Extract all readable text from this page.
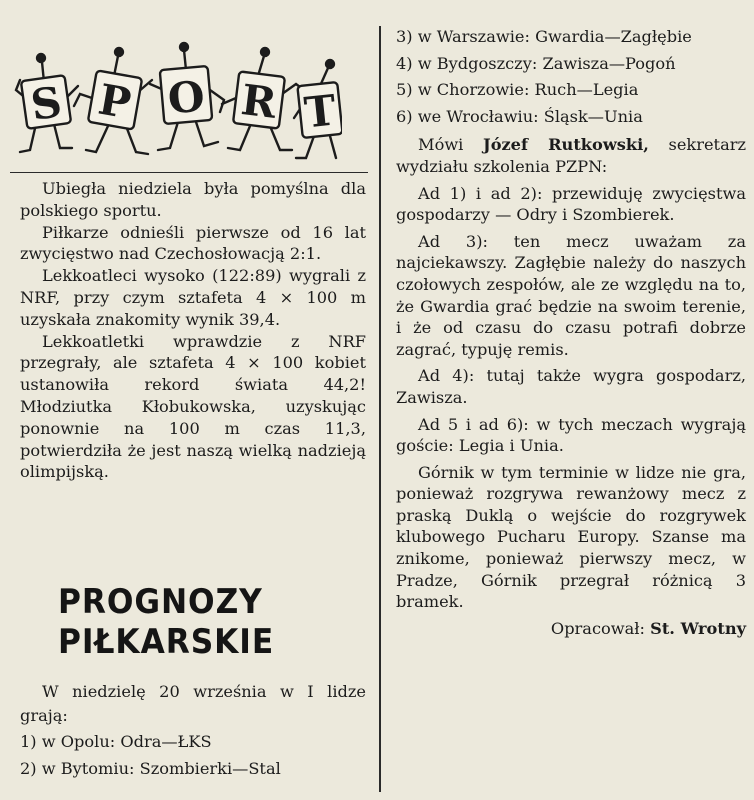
S P O R T

Ubiegła niedziela była pomyślna dla polskiego sportu.

Piłkarze odnieśli pierwsze od 16 lat zwycięstwo nad Czechosłowacją 2:1.

Lekkoatleci wysoko (122:89) wygrali z NRF, przy czym sztafeta 4 × 100 m uzyskała znakomity wynik 39,4.

Lekkoatletki wprawdzie z NRF przegrały, ale sztafeta 4 × 100 kobiet ustanowiła rekord świata 44,2! Młodziutka Kłobukowska, uzyskując ponownie na 100 m czas 11,3, potwierdziła że jest naszą wielką nadzieją olimpijską.

PROGNOZY
PIŁKARSKIE

W niedzielę 20 września w I lidze grają:

1) w Opolu: Odra—ŁKS

2) w Bytomiu: Szombierki—Stal

3) w Warszawie: Gwardia—Zagłębie

4) w Bydgoszczy: Zawisza—Pogoń

5) w Chorzowie: Ruch—Legia

6) we Wrocławiu: Śląsk—Unia

Mówi Józef Rutkowski, sekretarz wydziału szkolenia PZPN:

Ad 1) i ad 2): przewiduję zwycięstwa gospodarzy — Odry i Szombierek.

Ad 3): ten mecz uważam za najciekawszy. Zagłębie należy do naszych czołowych zespołów, ale ze względu na to, że Gwardia grać będzie na swoim terenie, i że od czasu do czasu potrafi dobrze zagrać, typuję remis.

Ad 4): tutaj także wygra gospodarz, Zawisza.

Ad 5 i ad 6): w tych meczach wygrają goście: Legia i Unia.

Górnik w tym terminie w lidze nie gra, ponieważ rozgrywa rewanżowy mecz z praską Duklą o wejście do rozgrywek klubowego Pucharu Europy. Szanse ma znikome, ponieważ pierwszy mecz, w Pradze, Górnik przegrał różnicą 3 bramek.

Opracował: St. Wrotny
